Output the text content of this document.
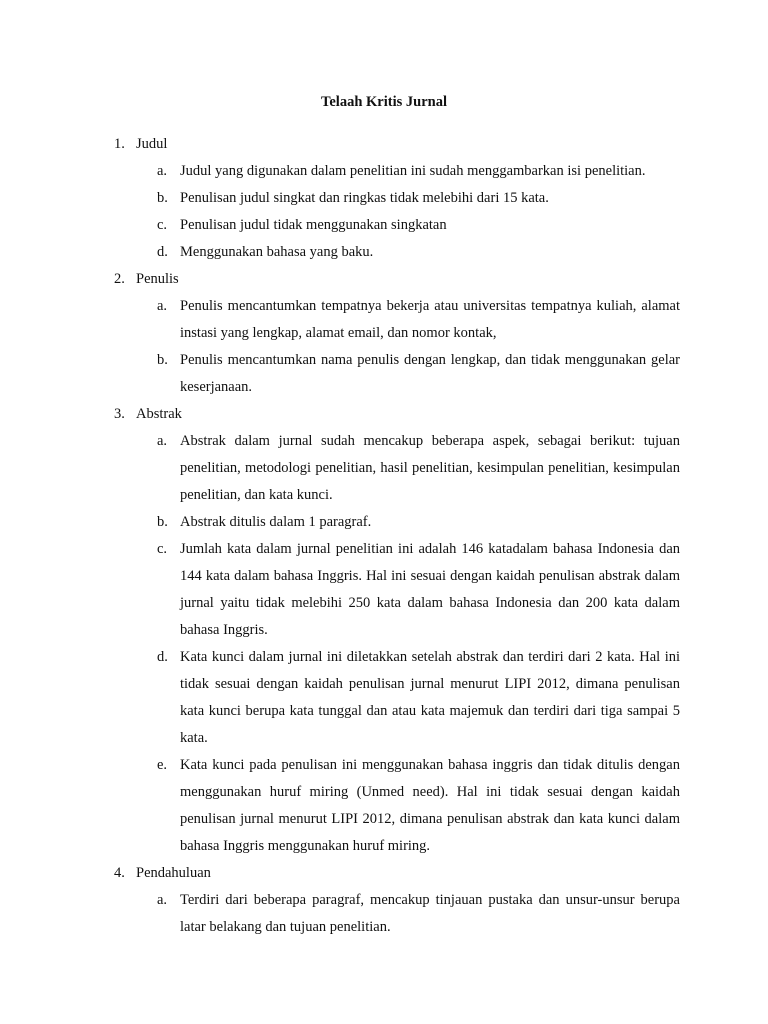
Telaah Kritis Jurnal
1. Judul
a. Judul yang digunakan dalam penelitian ini sudah menggambarkan isi penelitian.
b. Penulisan judul singkat dan ringkas tidak melebihi dari 15 kata.
c. Penulisan judul tidak menggunakan singkatan
d. Menggunakan bahasa yang baku.
2. Penulis
a. Penulis mencantumkan tempatnya bekerja atau universitas tempatnya kuliah, alamat instasi yang lengkap, alamat email, dan nomor kontak,
b. Penulis mencantumkan nama penulis dengan lengkap, dan tidak menggunakan gelar keserjanaan.
3. Abstrak
a. Abstrak dalam jurnal sudah mencakup beberapa aspek, sebagai berikut: tujuan penelitian, metodologi penelitian, hasil penelitian, kesimpulan penelitian, kesimpulan penelitian, dan kata kunci.
b. Abstrak ditulis dalam 1 paragraf.
c. Jumlah kata dalam jurnal penelitian ini adalah 146 katadalam bahasa Indonesia dan 144 kata dalam bahasa Inggris. Hal ini sesuai dengan kaidah penulisan abstrak dalam jurnal yaitu tidak melebihi 250 kata dalam bahasa Indonesia dan 200 kata dalam bahasa Inggris.
d. Kata kunci dalam jurnal ini diletakkan setelah abstrak dan terdiri dari 2 kata. Hal ini tidak sesuai dengan kaidah penulisan jurnal menurut LIPI 2012, dimana penulisan kata kunci berupa kata tunggal dan atau kata majemuk dan terdiri dari tiga sampai 5 kata.
e. Kata kunci pada penulisan ini menggunakan bahasa inggris dan tidak ditulis dengan menggunakan huruf miring (Unmed need). Hal ini tidak sesuai dengan kaidah penulisan jurnal menurut LIPI 2012, dimana penulisan abstrak dan kata kunci dalam bahasa Inggris menggunakan huruf miring.
4. Pendahuluan
a. Terdiri dari beberapa paragraf, mencakup tinjauan pustaka dan unsur-unsur berupa latar belakang dan tujuan penelitian.
